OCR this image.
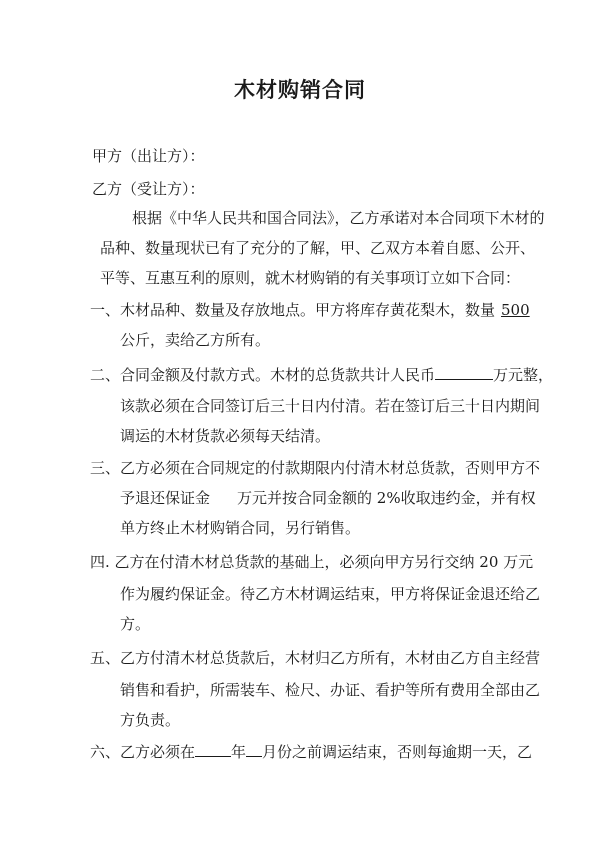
木材购销合同
甲方（出让方）：
乙方（受让方）：
根据《中华人民共和国合同法》，乙方承诺对本合同项下木材的
品种、数量现状已有了充分的了解，甲、乙双方本着自愿、公开、
平等、互惠互利的原则，就木材购销的有关事项订立如下合同：
一、木材品种、数量及存放地点。甲方将库存黄花梨木，数量 500
公斤，卖给乙方所有。
二、合同金额及付款方式。木材的总货款共计人民币	万元整，
该款必须在合同签订后三十日内付清。若在签订后三十日内期间
调运的木材货款必须每天结清。
三、乙方必须在合同规定的付款期限内付清木材总货款，否则甲方不
予退还保证金 万元并按合同金额的 2%收取违约金，并有权
单方终止木材购销合同，另行销售。
四. 乙方在付清木材总货款的基础上，必须向甲方另行交纳 20 万元
作为履约保证金。待乙方木材调运结束，甲方将保证金退还给乙
方。
五、乙方付清木材总货款后，木材归乙方所有，木材由乙方自主经营
销售和看护，所需装车、检尺、办证、看护等所有费用全部由乙
方负责。
六、乙方必须在 年 月份之前调运结束，否则每逾期一天，乙
